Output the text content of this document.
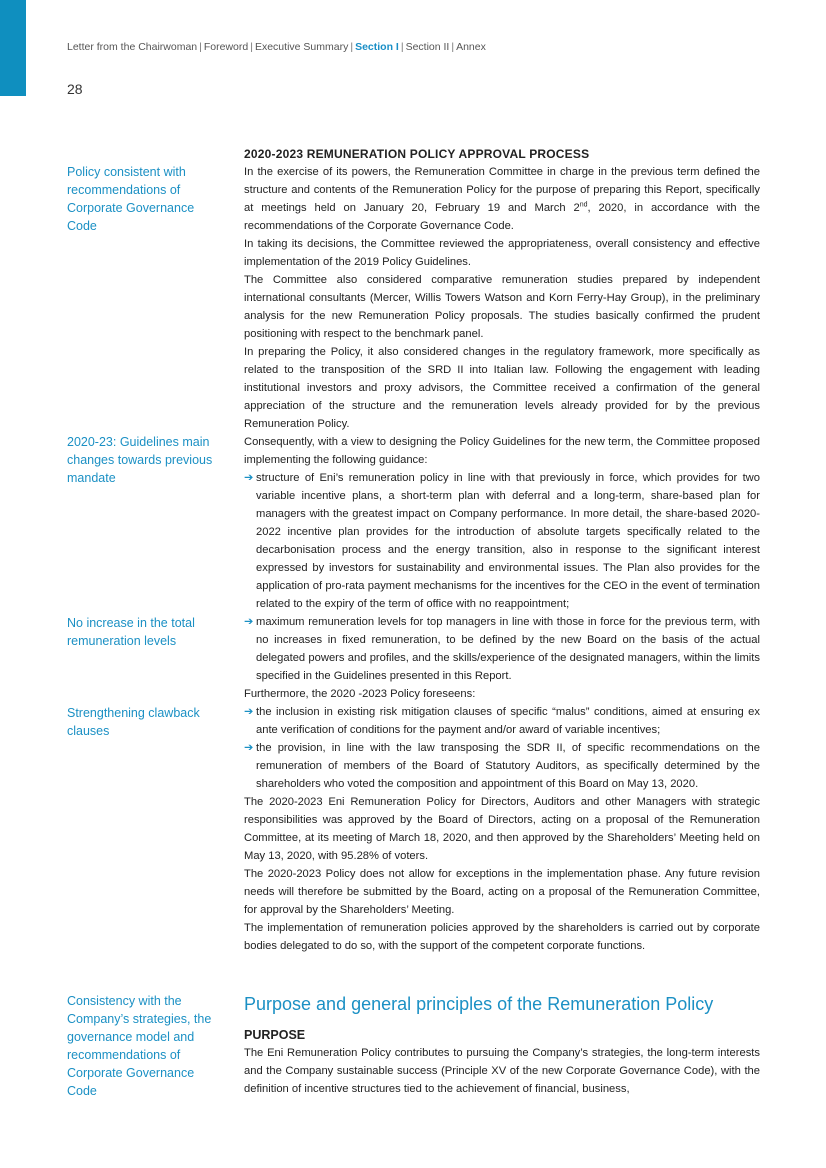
Letter from the Chairwoman | Foreword | Executive Summary | Section I | Section II | Annex
28
Policy consistent with recommendations of Corporate Governance Code
2020-23: Guidelines main changes towards previous mandate
No increase in the total remuneration levels
Strengthening clawback clauses
Consistency with the Company’s strategies, the governance model and recommendations of Corporate Governance Code

2020-2023 REMUNERATION POLICY APPROVAL PROCESS

In the exercise of its powers, the Remuneration Committee in charge in the previous term defined the structure and contents of the Remuneration Policy for the purpose of preparing this Report, specifically at meetings held on January 20, February 19 and March 2nd, 2020, in accordance with the recommendations of the Corporate Governance Code.

In taking its decisions, the Committee reviewed the appropriateness, overall consistency and effective implementation of the 2019 Policy Guidelines.

The Committee also considered comparative remuneration studies prepared by independent international consultants (Mercer, Willis Towers Watson and Korn Ferry-Hay Group), in the preliminary analysis for the new Remuneration Policy proposals. The studies basically confirmed the prudent positioning with respect to the benchmark panel.

In preparing the Policy, it also considered changes in the regulatory framework, more specifically as related to the transposition of the SRD II into Italian law. Following the engagement with leading institutional investors and proxy advisors, the Committee received a confirmation of the general appreciation of the structure and the remuneration levels already provided for by the previous Remuneration Policy.

Consequently, with a view to designing the Policy Guidelines for the new term, the Committee proposed implementing the following guidance:

➔ structure of Eni’s remuneration policy in line with that previously in force, which provides for two variable incentive plans, a short-term plan with deferral and a long-term, share-based plan for managers with the greatest impact on Company performance. In more detail, the share-based 2020-2022 incentive plan provides for the introduction of absolute targets specifically related to the decarbonisation process and the energy transition, also in response to the significant interest expressed by investors for sustainability and environmental issues. The Plan also provides for the application of pro-rata payment mechanisms for the incentives for the CEO in the event of termination related to the expiry of the term of office with no reappointment;
➔ maximum remuneration levels for top managers in line with those in force for the previous term, with no increases in fixed remuneration, to be defined by the new Board on the basis of the actual delegated powers and profiles, and the skills/experience of the designated managers, within the limits specified in the Guidelines presented in this Report.

Furthermore, the 2020 -2023 Policy foreseens:

➔ the inclusion in existing risk mitigation clauses of specific “malus” conditions, aimed at ensuring ex ante verification of conditions for the payment and/or award of variable incentives;
➔ the provision, in line with the law transposing the SDR II, of specific recommendations on the remuneration of members of the Board of Statutory Auditors, as specifically determined by the shareholders who voted the composition and appointment of this Board on May 13, 2020.

The 2020-2023 Eni Remuneration Policy for Directors, Auditors and other Managers with strategic responsibilities was approved by the Board of Directors, acting on a proposal of the Remuneration Committee, at its meeting of March 18, 2020, and then approved by the Shareholders’ Meeting held on May 13, 2020, with 95.28% of voters.

The 2020-2023 Policy does not allow for exceptions in the implementation phase. Any future revision needs will therefore be submitted by the Board, acting on a proposal of the Remuneration Committee, for approval by the Shareholders’ Meeting.

The implementation of remuneration policies approved by the shareholders is carried out by corporate bodies delegated to do so, with the support of the competent corporate functions.

Purpose and general principles of the Remuneration Policy

PURPOSE

The Eni Remuneration Policy contributes to pursuing the Company’s strategies, the long-term interests and the Company sustainable success (Principle XV of the new Corporate Governance Code), with the definition of incentive structures tied to the achievement of financial, business,
